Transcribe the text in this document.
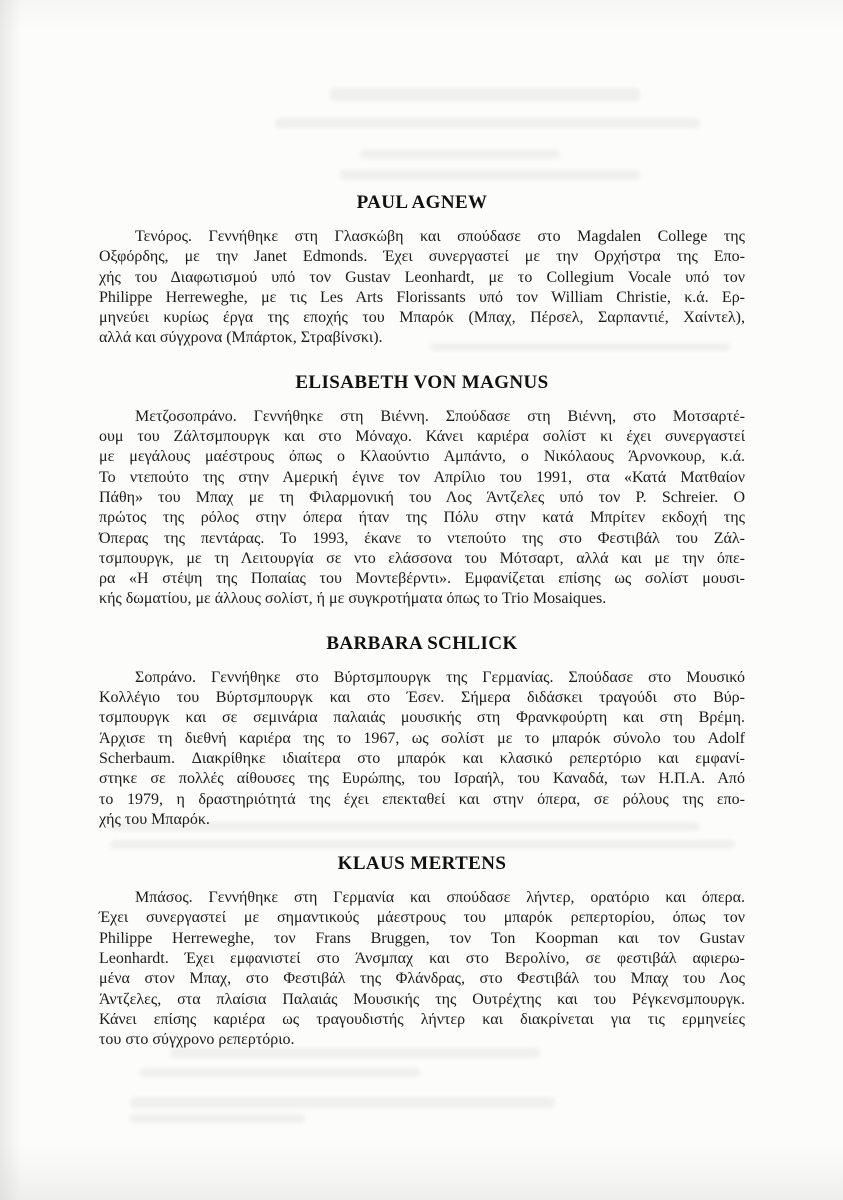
PAUL AGNEW
Τενόρος. Γεννήθηκε στη Γλασκώβη και σπούδασε στο Magdalen College της
Οξφόρδης, με την Janet Edmonds. Έχει συνεργαστεί με την Ορχήστρα της Επο-
χής του Διαφωτισμού υπό τον Gustav Leonhardt, με το Collegium Vocale υπό τον
Philippe Herreweghe, με τις Les Arts Florissants υπό τον William Christie, κ.ά. Ερ-
μηνεύει κυρίως έργα της εποχής του Μπαρόκ (Μπαχ, Πέρσελ, Σαρπαντιέ, Χαίντελ),
αλλά και σύγχρονα (Μπάρτοκ, Στραβίνσκι).
ELISABETH VON MAGNUS
Μετζοσοπράνο. Γεννήθηκε στη Βιέννη. Σπούδασε στη Βιέννη, στο Μοτσαρτέ-
ουμ του Ζάλτσμπουργκ και στο Μόναχο. Κάνει καριέρα σολίστ κι έχει συνεργαστεί
με μεγάλους μαέστρους όπως ο Κλαούντιο Αμπάντο, ο Νικόλαους Άρνονκουρ, κ.ά.
Το ντεπούτο της στην Αμερική έγινε τον Απρίλιο του 1991, στα «Κατά Ματθαίον
Πάθη» του Μπαχ με τη Φιλαρμονική του Λος Άντζελες υπό τον P. Schreier. Ο
πρώτος της ρόλος στην όπερα ήταν της Πόλυ στην κατά Μπρίτεν εκδοχή της
Όπερας της πεντάρας. Το 1993, έκανε το ντεπούτο της στο Φεστιβάλ του Ζάλ-
τσμπουργκ, με τη Λειτουργία σε ντο ελάσσονα του Μότσαρτ, αλλά και με την όπε-
ρα «Η στέψη της Ποπαίας του Μοντεβέρντι». Εμφανίζεται επίσης ως σολίστ μουσι-
κής δωματίου, με άλλους σολίστ, ή με συγκροτήματα όπως το Trio Mosaiques.
BARBARA SCHLICK
Σοπράνο. Γεννήθηκε στο Βύρτσμπουργκ της Γερμανίας. Σπούδασε στο Μουσικό
Κολλέγιο του Βύρτσμπουργκ και στο Έσεν. Σήμερα διδάσκει τραγούδι στο Βύρ-
τσμπουργκ και σε σεμινάρια παλαιάς μουσικής στη Φρανκφούρτη και στη Βρέμη.
Άρχισε τη διεθνή καριέρα της το 1967, ως σολίστ με το μπαρόκ σύνολο του Adolf
Scherbaum. Διακρίθηκε ιδιαίτερα στο μπαρόκ και κλασικό ρεπερτόριο και εμφανί-
στηκε σε πολλές αίθουσες της Ευρώπης, του Ισραήλ, του Καναδά, των Η.Π.Α. Από
το 1979, η δραστηριότητά της έχει επεκταθεί και στην όπερα, σε ρόλους της επο-
χής του Μπαρόκ.
KLAUS MERTENS
Μπάσος. Γεννήθηκε στη Γερμανία και σπούδασε λήντερ, ορατόριο και όπερα.
Έχει συνεργαστεί με σημαντικούς μάεστρους του μπαρόκ ρεπερτορίου, όπως τον
Philippe Herreweghe, τον Frans Bruggen, τον Ton Koopman και τον Gustav
Leonhardt. Έχει εμφανιστεί στο Άνσμπαχ και στο Βερολίνο, σε φεστιβάλ αφιερω-
μένα στον Μπαχ, στο Φεστιβάλ της Φλάνδρας, στο Φεστιβάλ του Μπαχ του Λος
Άντζελες, στα πλαίσια Παλαιάς Μουσικής της Ουτρέχτης και του Ρέγκενσμπουργκ.
Κάνει επίσης καριέρα ως τραγουδιστής λήντερ και διακρίνεται για τις ερμηνείες
του στο σύγχρονο ρεπερτόριο.
